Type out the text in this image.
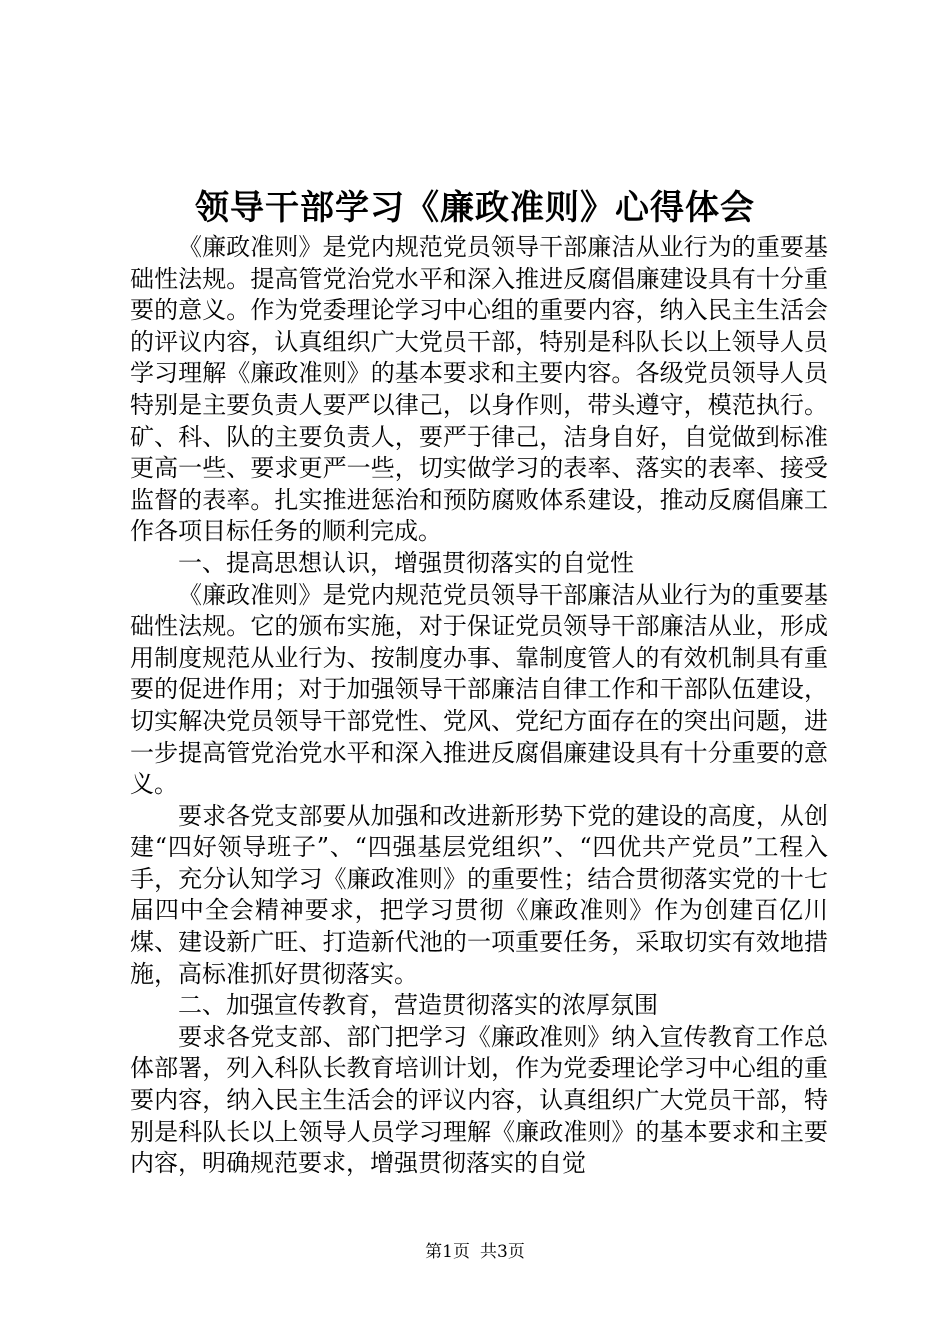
领导干部学习《廉政准则》心得体会

《廉政准则》是党内规范党员领导干部廉洁从业行为的重要基础性法规。提高管党治党水平和深入推进反腐倡廉建设具有十分重要的意义。作为党委理论学习中心组的重要内容，纳入民主生活会的评议内容，认真组织广大党员干部，特别是科队长以上领导人员学习理解《廉政准则》的基本要求和主要内容。各级党员领导人员特别是主要负责人要严以律己，以身作则，带头遵守，模范执行。矿、科、队的主要负责人，要严于律己，洁身自好，自觉做到标准更高一些、要求更严一些，切实做学习的表率、落实的表率、接受监督的表率。扎实推进惩治和预防腐败体系建设，推动反腐倡廉工作各项目标任务的顺利完成。

一、提高思想认识，增强贯彻落实的自觉性

《廉政准则》是党内规范党员领导干部廉洁从业行为的重要基础性法规。它的颁布实施，对于保证党员领导干部廉洁从业，形成用制度规范从业行为、按制度办事、靠制度管人的有效机制具有重要的促进作用；对于加强领导干部廉洁自律工作和干部队伍建设，切实解决党员领导干部党性、党风、党纪方面存在的突出问题，进一步提高管党治党水平和深入推进反腐倡廉建设具有十分重要的意义。

要求各党支部要从加强和改进新形势下党的建设的高度，从创建“四好领导班子”、“四强基层党组织”、“四优共产党员”工程入手，充分认知学习《廉政准则》的重要性；结合贯彻落实党的十七届四中全会精神要求，把学习贯彻《廉政准则》作为创建百亿川煤、建设新广旺、打造新代池的一项重要任务，采取切实有效地措施，高标准抓好贯彻落实。

二、加强宣传教育，营造贯彻落实的浓厚氛围

要求各党支部、部门把学习《廉政准则》纳入宣传教育工作总体部署，列入科队长教育培训计划，作为党委理论学习中心组的重要内容，纳入民主生活会的评议内容，认真组织广大党员干部，特别是科队长以上领导人员学习理解《廉政准则》的基本要求和主要内容，明确规范要求，增强贯彻落实的自觉

第1页 共3页
